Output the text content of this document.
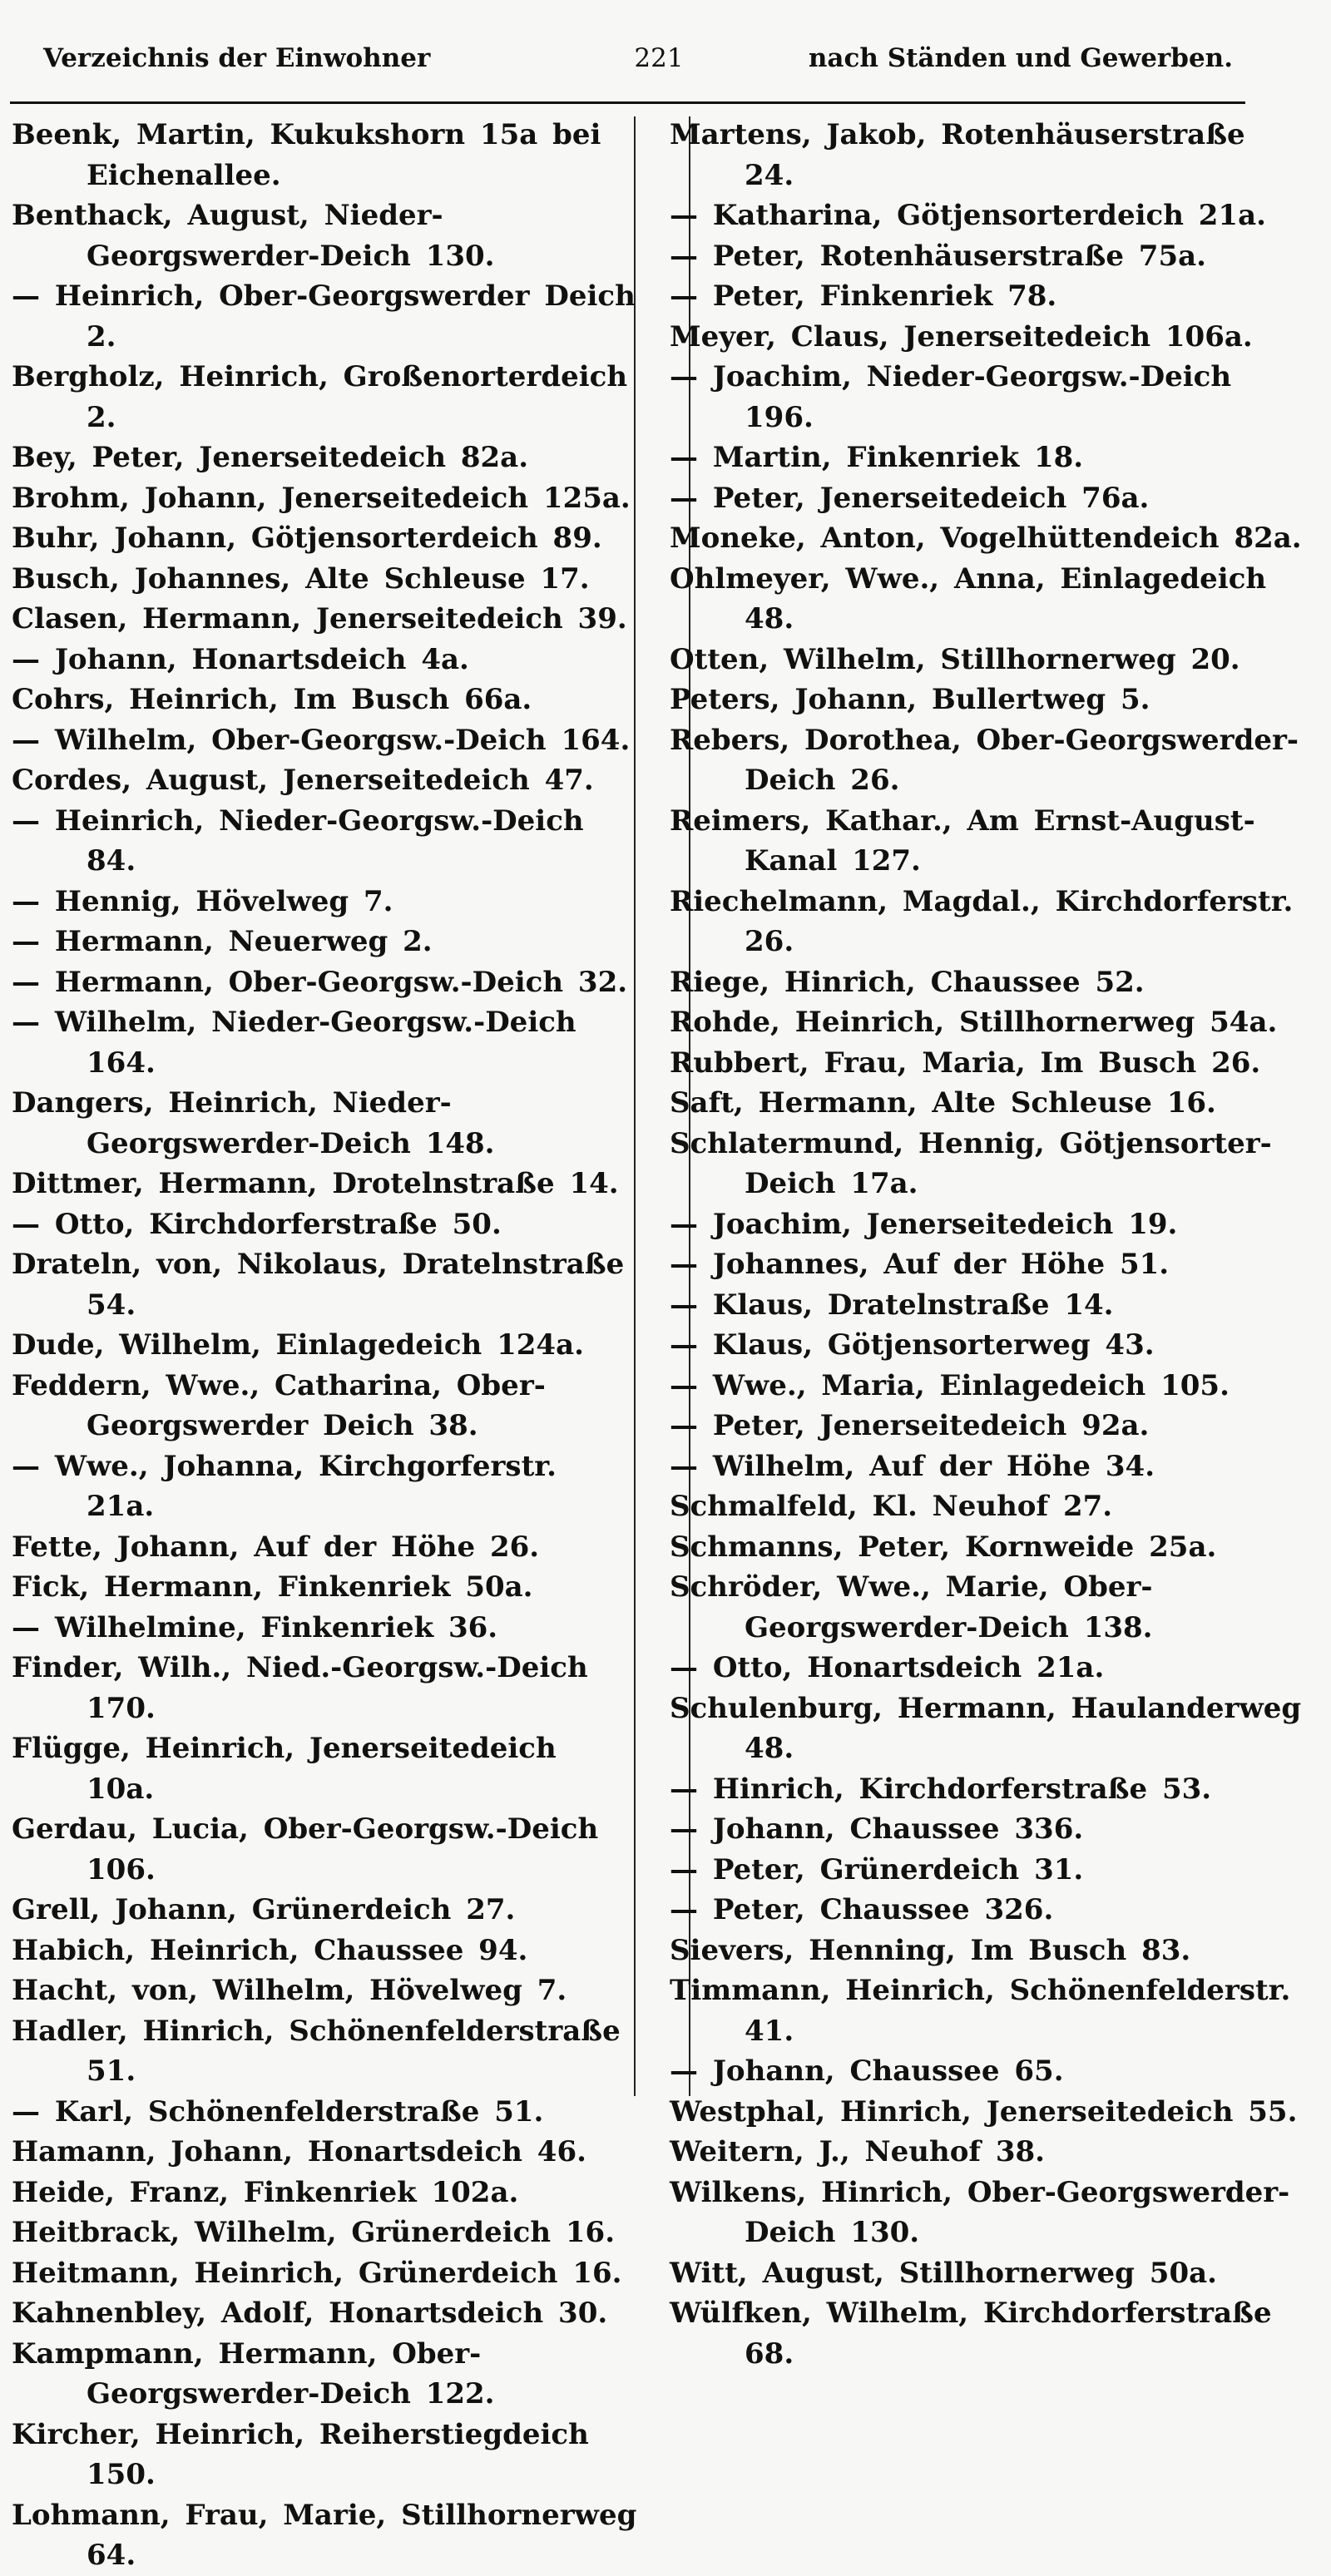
Verzeichnis der Einwohner	221	nach Ständen und Gewerben.
Beenk, Martin, Kukukshorn 15a bei Eichenallee.
Benthack, August, Nieder-Georgswerder-Deich 130.
— Heinrich, Ober-Georgswerder Deich 2.
Bergholz, Heinrich, Großenorterdeich 2.
Bey, Peter, Jenerseitedeich 82a.
Brohm, Johann, Jenerseitedeich 125a.
Buhr, Johann, Götjensorterdeich 89.
Busch, Johannes, Alte Schleuse 17.
Clasen, Hermann, Jenerseitedeich 39.
— Johann, Honartsdeich 4a.
Cohrs, Heinrich, Im Busch 66a.
— Wilhelm, Ober-Georgsw.-Deich 164.
Cordes, August, Jenerseitedeich 47.
— Heinrich, Nieder-Georgsw.-Deich 84.
— Hennig, Hövelweg 7.
— Hermann, Neuerweg 2.
— Hermann, Ober-Georgsw.-Deich 32.
— Wilhelm, Nieder-Georgsw.-Deich 164.
Dangers, Heinrich, Nieder-Georgswerder-Deich 148.
Dittmer, Hermann, Drotelnstraße 14.
— Otto, Kirchdorferstraße 50.
Drateln, von, Nikolaus, Dratelnstraße 54.
Dude, Wilhelm, Einlagedeich 124a.
Feddern, Wwe., Catharina, Ober-Georgswerder Deich 38.
— Wwe., Johanna, Kirchgorferstr. 21a.
Fette, Johann, Auf der Höhe 26.
Fick, Hermann, Finkenriek 50a.
— Wilhelmine, Finkenriek 36.
Finder, Wilh., Nied.-Georgsw.-Deich 170.
Flügge, Heinrich, Jenerseitedeich 10a.
Gerdau, Lucia, Ober-Georgsw.-Deich 106.
Grell, Johann, Grünerdeich 27.
Habich, Heinrich, Chaussee 94.
Hacht, von, Wilhelm, Hövelweg 7.
Hadler, Hinrich, Schönenfelderstraße 51.
— Karl, Schönenfelderstraße 51.
Hamann, Johann, Honartsdeich 46.
Heide, Franz, Finkenriek 102a.
Heitbrack, Wilhelm, Grünerdeich 16.
Heitmann, Heinrich, Grünerdeich 16.
Kahnenbley, Adolf, Honartsdeich 30.
Kampmann, Hermann, Ober-Georgswerder-Deich 122.
Kircher, Heinrich, Reiherstiegdeich 150.
Lohmann, Frau, Marie, Stillhornerweg 64.
Martens, Jakob, Rotenhäuserstraße 24.
— Katharina, Götjensorterdeich 21a.
— Peter, Rotenhäuserstraße 75a.
— Peter, Finkenriek 78.
Meyer, Claus, Jenerseitedeich 106a.
— Joachim, Nieder-Georgsw.-Deich 196.
— Martin, Finkenriek 18.
— Peter, Jenerseitedeich 76a.
Moneke, Anton, Vogelhüttendeich 82a.
Ohlmeyer, Wwe., Anna, Einlagedeich 48.
Otten, Wilhelm, Stillhornerweg 20.
Peters, Johann, Bullertweg 5.
Rebers, Dorothea, Ober-Georgswerder-Deich 26.
Reimers, Kathar., Am Ernst-August-Kanal 127.
Riechelmann, Magdal., Kirchdorferstr. 26.
Riege, Hinrich, Chaussee 52.
Rohde, Heinrich, Stillhornerweg 54a.
Rubbert, Frau, Maria, Im Busch 26.
Saft, Hermann, Alte Schleuse 16.
Schlatermund, Hennig, Götjensorter-Deich 17a.
— Joachim, Jenerseitedeich 19.
— Johannes, Auf der Höhe 51.
— Klaus, Dratelnstraße 14.
— Klaus, Götjensorterweg 43.
— Wwe., Maria, Einlagedeich 105.
— Peter, Jenerseitedeich 92a.
— Wilhelm, Auf der Höhe 34.
Schmalfeld, Kl. Neuhof 27.
Schmanns, Peter, Kornweide 25a.
Schröder, Wwe., Marie, Ober-Georgswerder-Deich 138.
— Otto, Honartsdeich 21a.
Schulenburg, Hermann, Haulanderweg 48.
— Hinrich, Kirchdorferstraße 53.
— Johann, Chaussee 336.
— Peter, Grünerdeich 31.
— Peter, Chaussee 326.
Sievers, Henning, Im Busch 83.
Timmann, Heinrich, Schönenfelderstr. 41.
— Johann, Chaussee 65.
Westphal, Hinrich, Jenerseitedeich 55.
Weitern, J., Neuhof 38.
Wilkens, Hinrich, Ober-Georgswerder-Deich 130.
Witt, August, Stillhornerweg 50a.
Wülfken, Wilhelm, Kirchdorferstraße 68.
